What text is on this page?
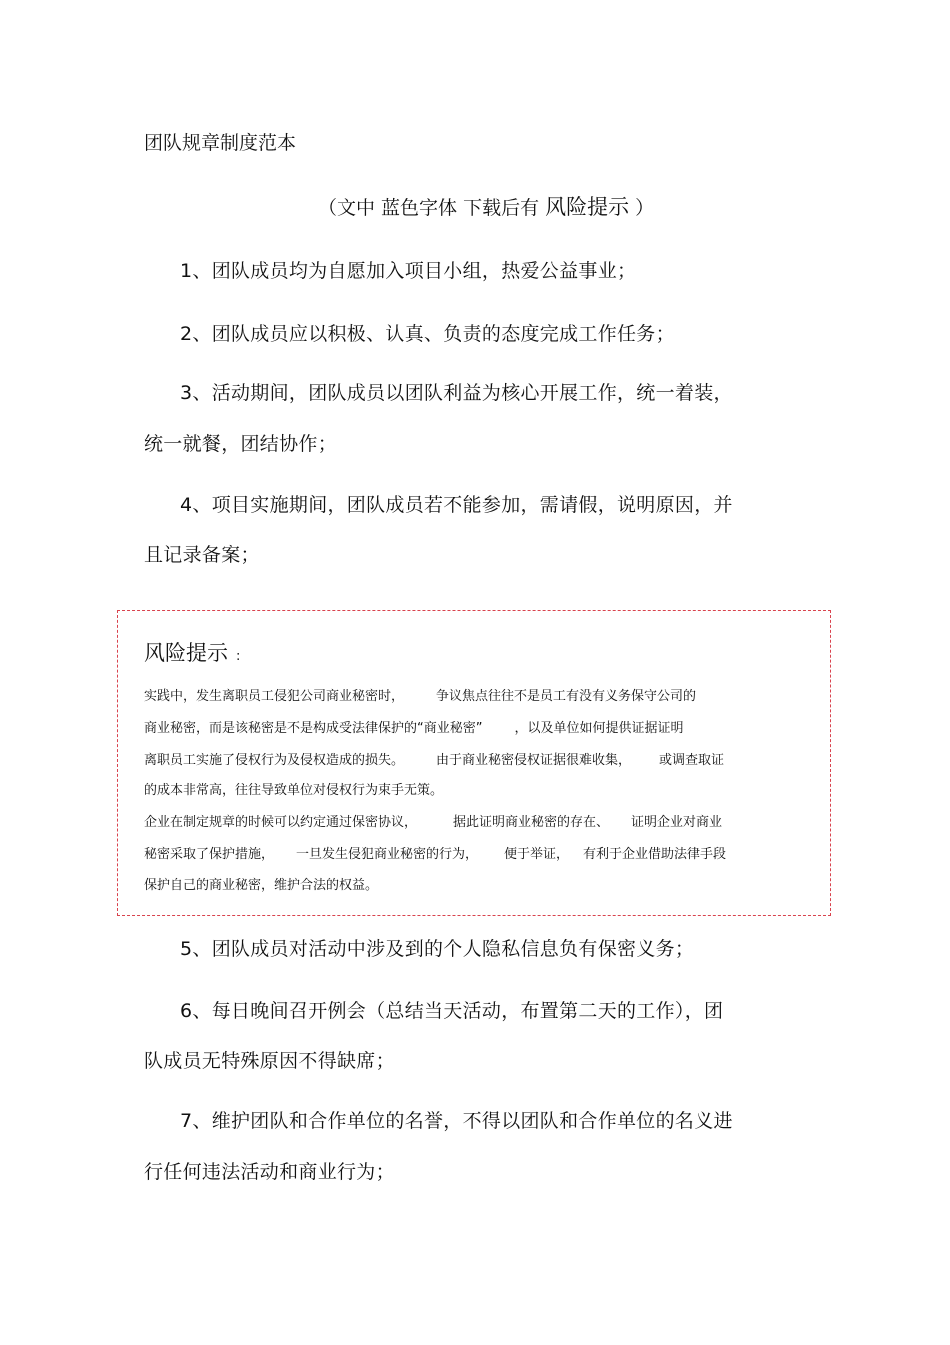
团队规章制度范本
（文中 蓝色字体 下载后有 风险提示 ）
1、团队成员均为自愿加入项目小组，热爱公益事业；
2、团队成员应以积极、认真、负责的态度完成工作任务；
3、活动期间，团队成员以团队利益为核心开展工作，统一着装，
统一就餐，团结协作；
4、项目实施期间，团队成员若不能参加，需请假，说明原因，并
且记录备案；
风险提示 :
实践中，发生离职员工侵犯公司商业秘密时， 争议焦点往往不是员工有没有义务保守公司的
商业秘密，而是该秘密是不是构成受法律保护的“商业秘密” ，以及单位如何提供证据证明
离职员工实施了侵权行为及侵权造成的损失。 由于商业秘密侵权证据很难收集， 或调查取证
的成本非常高，往往导致单位对侵权行为束手无策。
企业在制定规章的时候可以约定通过保密协议，	据此证明商业秘密的存在、 证明企业对商业
秘密采取了保护措施， 一旦发生侵犯商业秘密的行为， 便于举证， 有利于企业借助法律手段
保护自己的商业秘密，维护合法的权益。
5、团队成员对活动中涉及到的个人隐私信息负有保密义务；
6、每日晚间召开例会（总结当天活动，布置第二天的工作），团
队成员无特殊原因不得缺席；
7、维护团队和合作单位的名誉，不得以团队和合作单位的名义进
行任何违法活动和商业行为；
